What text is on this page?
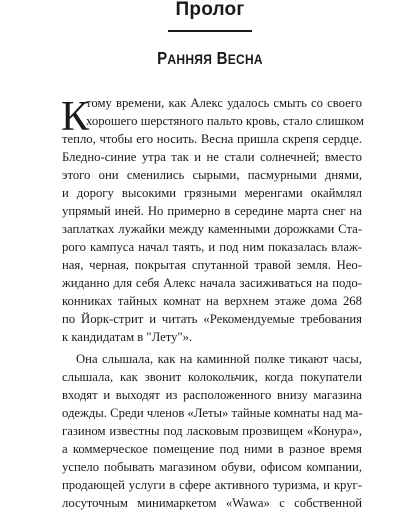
Пролог
РАННЯЯ ВЕСНА
К
тому времени, как Алекс удалось смыть со своего
хорошего шерстяного пальто кровь, стало слишком
тепло, чтобы его носить. Весна пришла скрепя сердце.
Бледно-синие утра так и не стали солнечней; вместо
этого они сменились сырыми, пасмурными днями,
и дорогу высокими грязными меренгами окаймлял
упрямый иней. Но примерно в середине марта снег на
заплатках лужайки между каменными дорожками Ста-
рого кампуса начал таять, и под ним показалась влаж-
ная, черная, покрытая спутанной травой земля. Нео-
жиданно для себя Алекс начала засиживаться на подо-
конниках тайных комнат на верхнем этаже дома 268
по Йорк-стрит и читать «Рекомендуемые требования
к кандидатам в "Лету"».
Она слышала, как на каминной полке тикают часы,
слышала, как звонит колокольчик, когда покупатели
входят и выходят из расположенного внизу магазина
одежды. Среди членов «Леты» тайные комнаты над ма-
газином известны под ласковым прозвищем «Конура»,
а коммерческое помещение под ними в разное время
успело побывать магазином обуви, офисом компании,
продающей услуги в сфере активного туризма, и круг-
лосуточным минимаркетом «Wawa» с собственной
